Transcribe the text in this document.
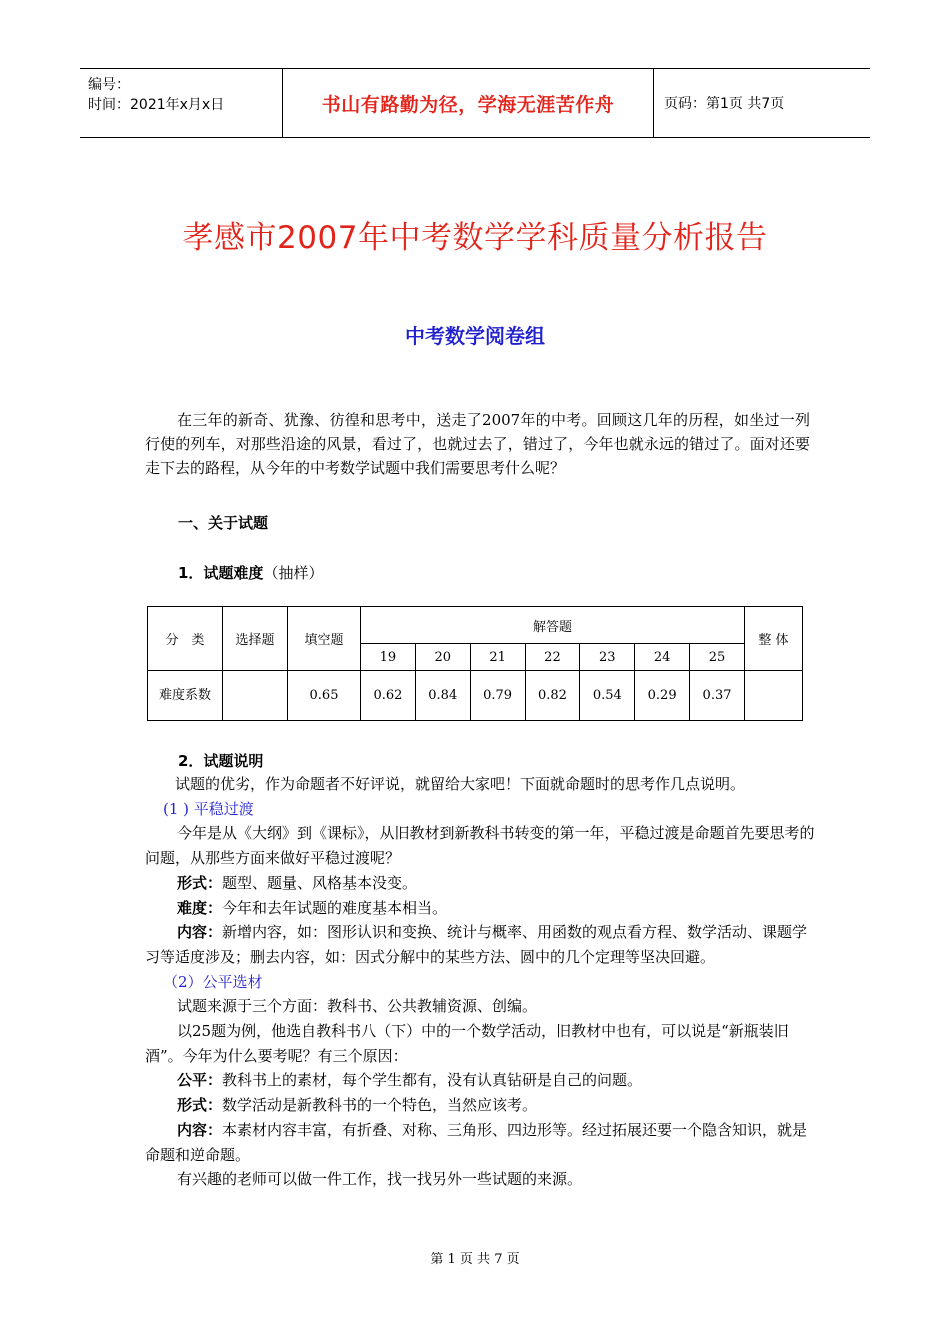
编号：
时间：2021年x月x日	书山有路勤为径，学海无涯苦作舟	页码：第1页 共7页
孝感市2007年中考数学学科质量分析报告
中考数学阅卷组
在三年的新奇、犹豫、彷徨和思考中，送走了2007年的中考。回顾这几年的历程，如坐过一列行使的列车，对那些沿途的风景，看过了，也就过去了，错过了，今年也就永远的错过了。面对还要走下去的路程，从今年的中考数学试题中我们需要思考什么呢？
一、关于试题
1．试题难度（抽样）
分　类	选择题	填空题	解答题							整 体
			19	20	21	22	23	24	25	
难度系数		0.65	0.62	0.84	0.79	0.82	0.54	0.29	0.37	
2．试题说明

试题的优劣，作为命题者不好评说，就留给大家吧！下面就命题时的思考作几点说明。

(1 ) 平稳过渡

今年是从《大纲》到《课标》，从旧教材到新教科书转变的第一年，平稳过渡是命题首先要思考的问题，从那些方面来做好平稳过渡呢？

形式：题型、题量、风格基本没变。

难度：今年和去年试题的难度基本相当。

内容：新增内容，如：图形认识和变换、统计与概率、用函数的观点看方程、数学活动、课题学习等适度涉及；删去内容，如：因式分解中的某些方法、圆中的几个定理等坚决回避。

（2）公平选材

试题来源于三个方面：教科书、公共教辅资源、创编。

以25题为例，他选自教科书八（下）中的一个数学活动，旧教材中也有，可以说是“新瓶装旧酒”。今年为什么要考呢？有三个原因：

公平：教科书上的素材，每个学生都有，没有认真钻研是自己的问题。

形式：数学活动是新教科书的一个特色，当然应该考。

内容：本素材内容丰富，有折叠、对称、三角形、四边形等。经过拓展还要一个隐含知识，就是命题和逆命题。

有兴趣的老师可以做一件工作，找一找另外一些试题的来源。

第 1 页 共 7 页
